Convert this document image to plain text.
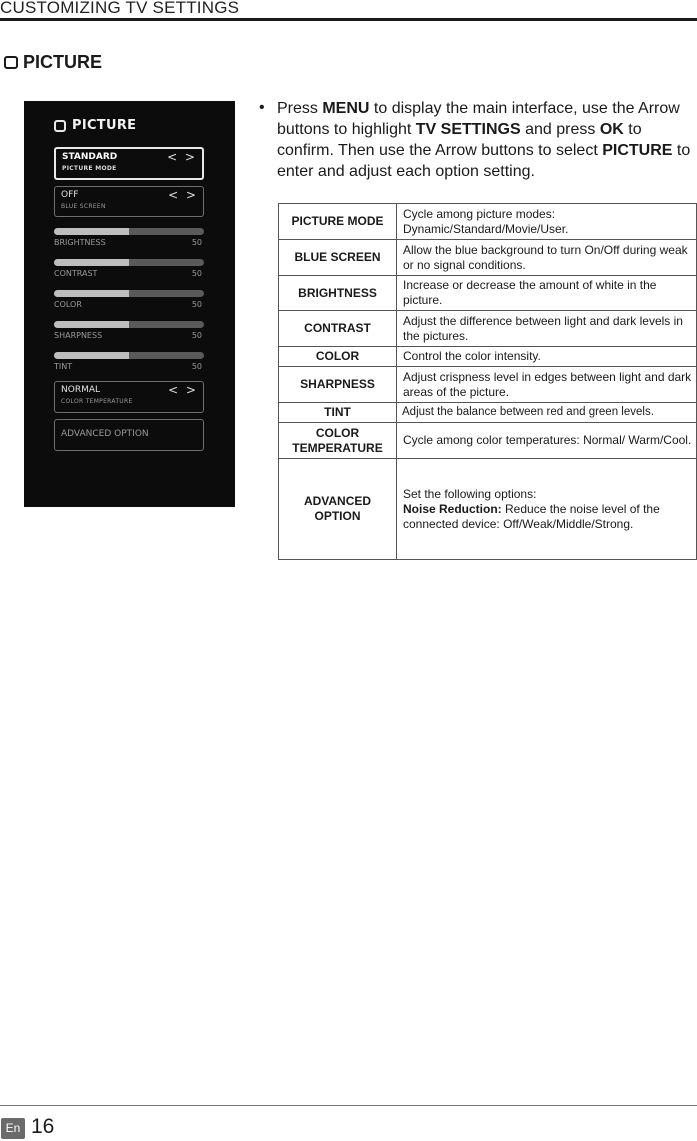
CUSTOMIZING TV SETTINGS
PICTURE
PICTURE
STANDARD
PICTURE MODE
< >
OFF
BLUE SCREEN
< >
BRIGHTNESS	50
CONTRAST	50
COLOR	50
SHARPNESS	50
TINT	50
NORMAL
COLOR TEMPERATURE
< >
ADVANCED OPTION
• Press MENU to display the main interface, use the Arrow buttons to highlight TV SETTINGS and press OK to confirm. Then use the Arrow buttons to select PICTURE to enter and adjust each option setting.
PICTURE MODE	Cycle among picture modes: Dynamic/Standard/Movie/User.
BLUE SCREEN	Allow the blue background to turn On/Off during weak or no signal conditions.
BRIGHTNESS	Increase or decrease the amount of white in the picture.
CONTRAST	Adjust the difference between light and dark levels in the pictures.
COLOR	Control the color intensity.
SHARPNESS	Adjust crispness level in edges between light and dark areas of the picture.
TINT	Adjust the balance between red and green levels.
COLOR TEMPERATURE	Cycle among color temperatures: Normal/ Warm/Cool.
ADVANCED OPTION	Set the following options:
Noise Reduction: Reduce the noise level of the connected device: Off/Weak/Middle/Strong.
En 16
